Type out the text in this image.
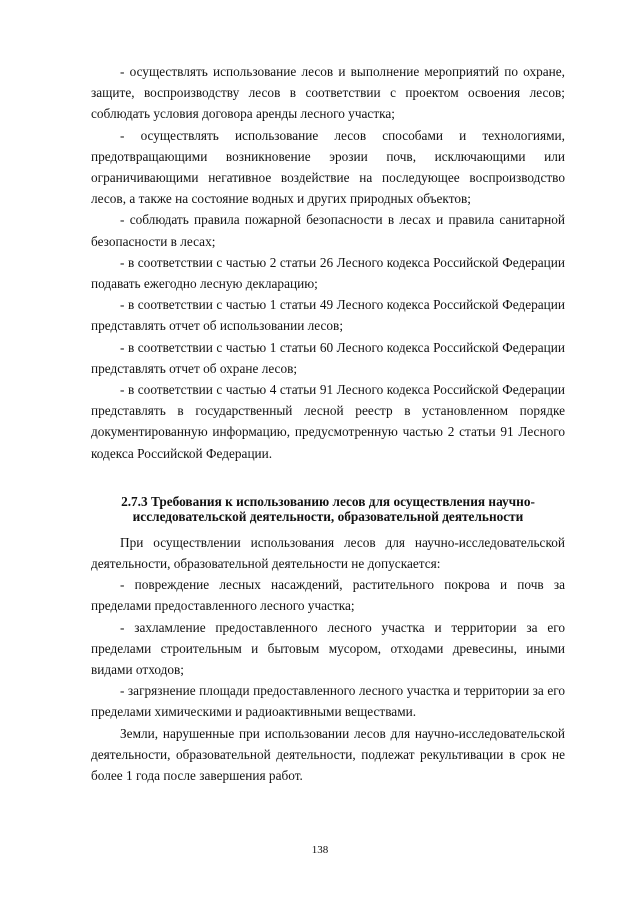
- осуществлять использование лесов и выполнение мероприятий по охране, защите, воспроизводству лесов в соответствии с проектом освоения лесов; соблюдать условия договора аренды лесного участка;

- осуществлять использование лесов способами и технологиями, предотвращающими возникновение эрозии почв, исключающими или ограничивающими негативное воздействие на последующее воспроизводство лесов, а также на состояние водных и других природных объектов;

- соблюдать правила пожарной безопасности в лесах и правила санитарной безопасности в лесах;

- в соответствии с частью 2 статьи 26 Лесного кодекса Российской Федерации подавать ежегодно лесную декларацию;

- в соответствии с частью 1 статьи 49 Лесного кодекса Российской Федерации представлять отчет об использовании лесов;

- в соответствии с частью 1 статьи 60 Лесного кодекса Российской Федерации представлять отчет об охране лесов;

- в соответствии с частью 4 статьи 91 Лесного кодекса Российской Федерации представлять в государственный лесной реестр в установленном порядке документированную информацию, предусмотренную частью 2 статьи 91 Лесного кодекса Российской Федерации.

2.7.3 Требования к использованию лесов для осуществления научно-исследовательской деятельности, образовательной деятельности

При осуществлении использования лесов для научно-исследовательской деятельности, образовательной деятельности не допускается:

- повреждение лесных насаждений, растительного покрова и почв за пределами предоставленного лесного участка;

- захламление предоставленного лесного участка и территории за его пределами строительным и бытовым мусором, отходами древесины, иными видами отходов;

- загрязнение площади предоставленного лесного участка и территории за его пределами химическими и радиоактивными веществами.

Земли, нарушенные при использовании лесов для научно-исследовательской деятельности, образовательной деятельности, подлежат рекультивации в срок не более 1 года после завершения работ.

138
